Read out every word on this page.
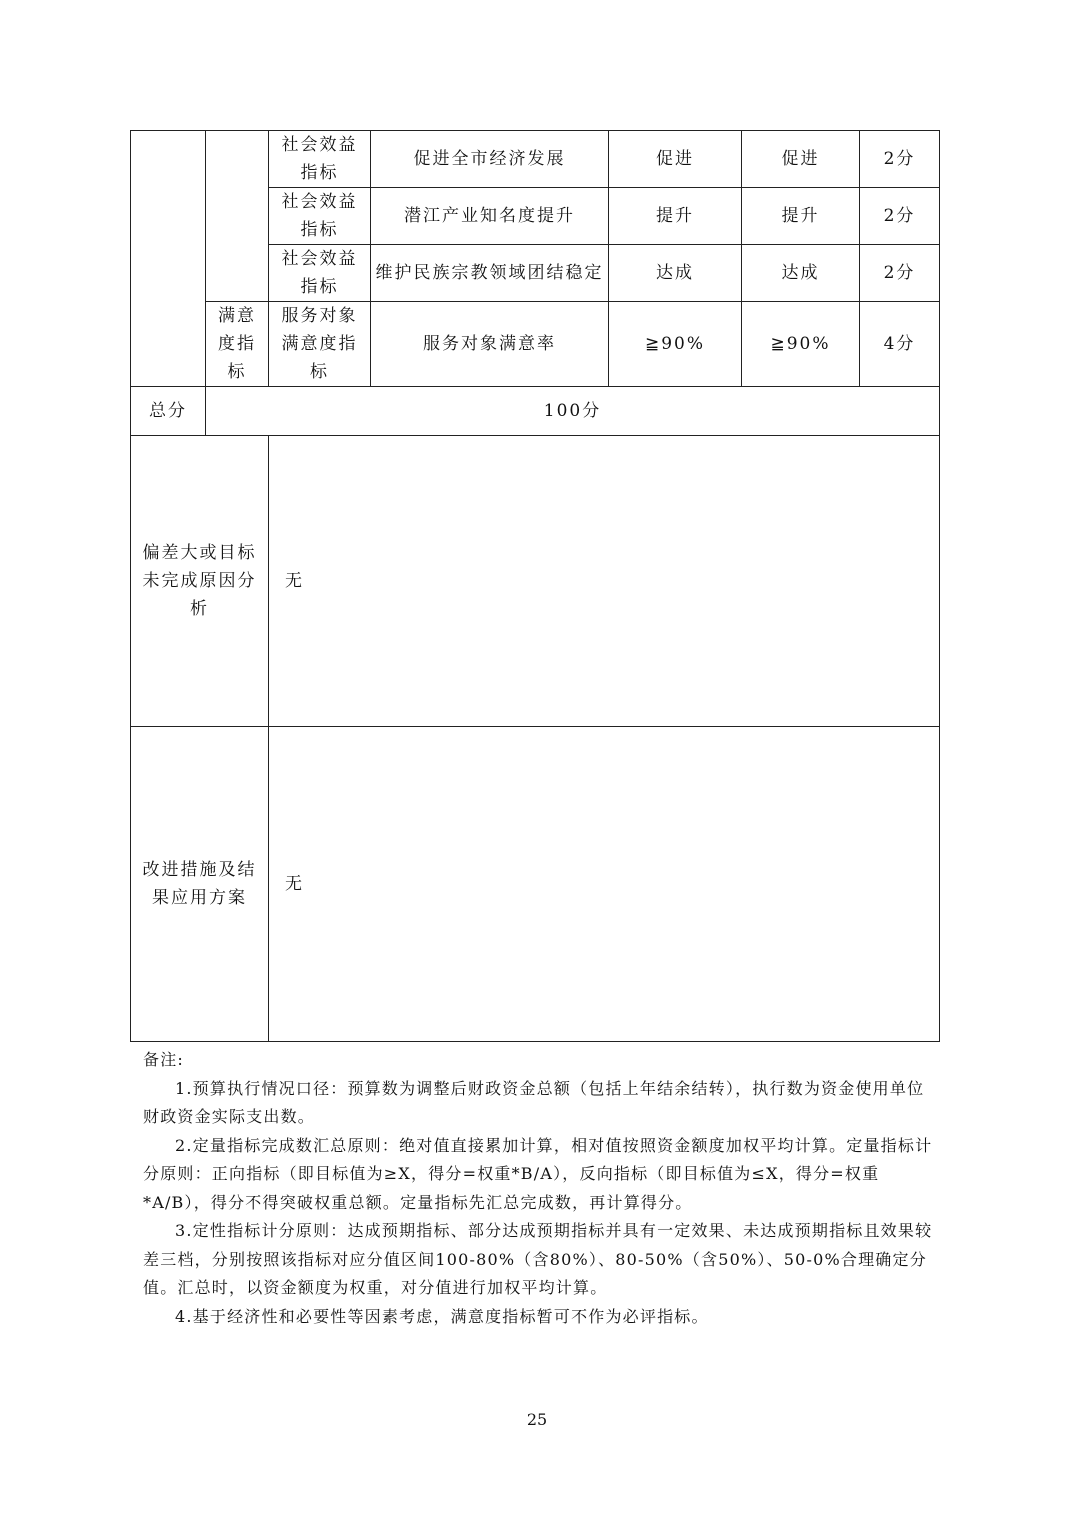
		社会效益指标	促进全市经济发展	促进	促进	2分
		社会效益指标	潜江产业知名度提升	提升	提升	2分
		社会效益指标	维护民族宗教领域团结稳定	达成	达成	2分
	满意度指标	服务对象满意度指标	服务对象满意率	≧90%	≧90%	4分
总分	100分					
偏差大或目标未完成原因分析		无				
改进措施及结果应用方案		无				
备注:

1.预算执行情况口径：预算数为调整后财政资金总额（包括上年结余结转），执行数为资金使用单位财政资金实际支出数。

2.定量指标完成数汇总原则：绝对值直接累加计算，相对值按照资金额度加权平均计算。定量指标计分原则：正向指标（即目标值为≥X，得分=权重*B/A），反向指标（即目标值为≤X，得分=权重*A/B），得分不得突破权重总额。定量指标先汇总完成数，再计算得分。

3.定性指标计分原则：达成预期指标、部分达成预期指标并具有一定效果、未达成预期指标且效果较差三档，分别按照该指标对应分值区间100-80%（含80%）、80-50%（含50%）、50-0%合理确定分值。汇总时，以资金额度为权重，对分值进行加权平均计算。

4.基于经济性和必要性等因素考虑，满意度指标暂可不作为必评指标。

25
